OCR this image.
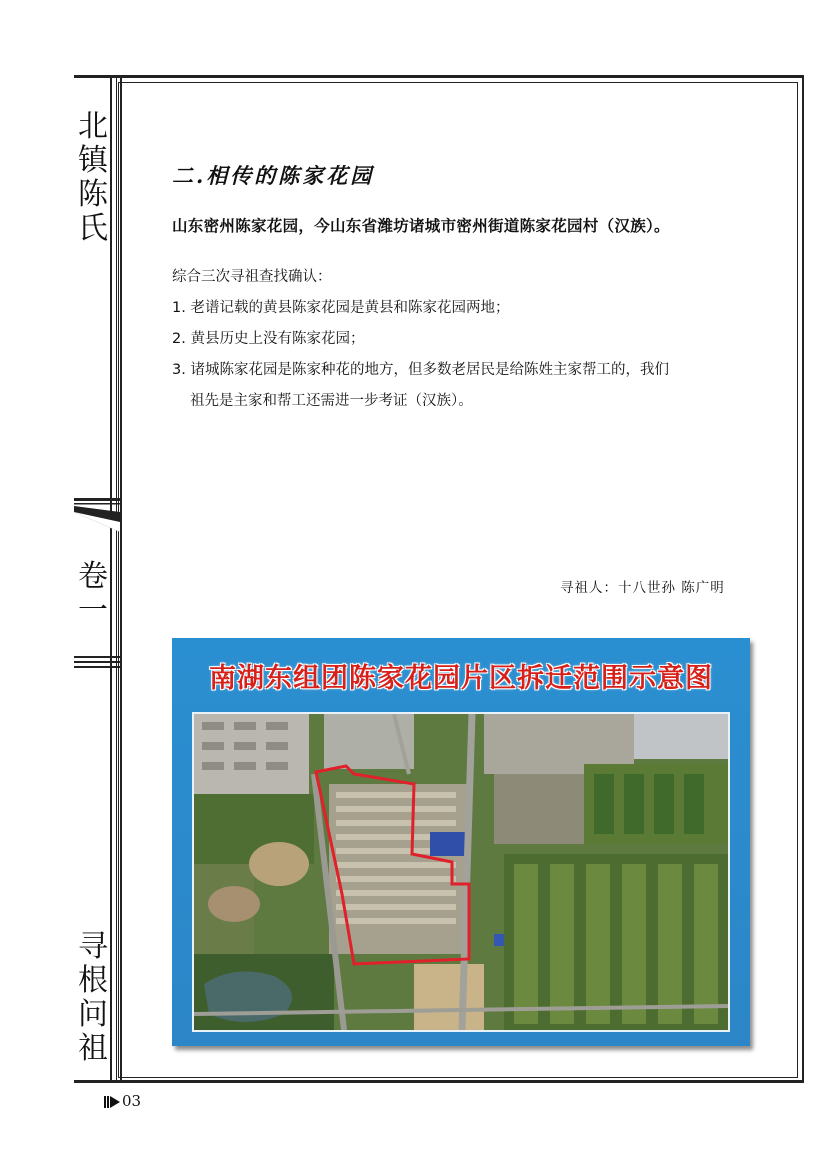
北
镇
陈
氏
卷
一
寻
根
问
祖
二.相传的陈家花园
山东密州陈家花园，今山东省潍坊诸城市密州街道陈家花园村（汉族）。

综合三次寻祖查找确认：

1. 老谱记载的黄县陈家花园是黄县和陈家花园两地；

2. 黄县历史上没有陈家花园；

3. 诸城陈家花园是陈家种花的地方，但多数老居民是给陈姓主家帮工的，我们

祖先是主家和帮工还需进一步考证（汉族）。

寻祖人：十八世孙 陈广明
南湖东组团陈家花园片区拆迁范围示意图
03
